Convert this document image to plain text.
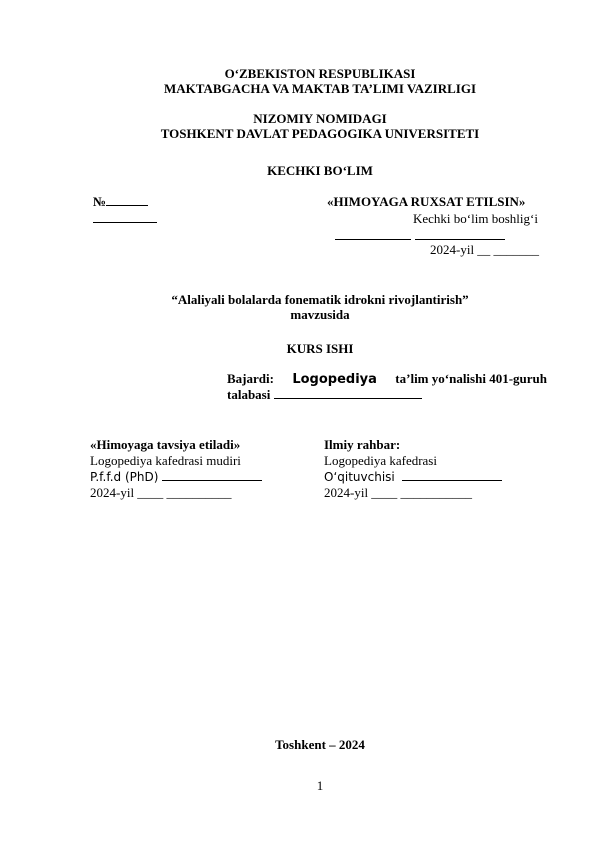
O‘ZBEKISTON RESPUBLIKASI
MAKTABGACHA VA MAKTAB TA’LIMI VAZIRLIGI
NIZOMIY NOMIDAGI
TOSHKENT DAVLAT PEDAGOGIKA UNIVERSITETI
KECHKI BO‘LIM
№	«HIMOYAGA RUXSAT ETILSIN»
Kechki bo‘lim boshlig‘i
2024-yil __ _______
“Alaliyali bolalarda fonematik idrokni rivojlantirish”
mavzusida
KURS ISHI
Bajardi: Logopediya ta’lim yo‘nalishi 401-guruh
talabasi
«Himoyaga tavsiya etiladi»
Logopediya kafedrasi mudiri
P.f.f.d (PhD)
2024-yil ____ __________
Ilmiy rahbar:
Logopediya kafedrasi
O‘qituvchisi
2024-yil ____ ___________
Toshkent – 2024
1
